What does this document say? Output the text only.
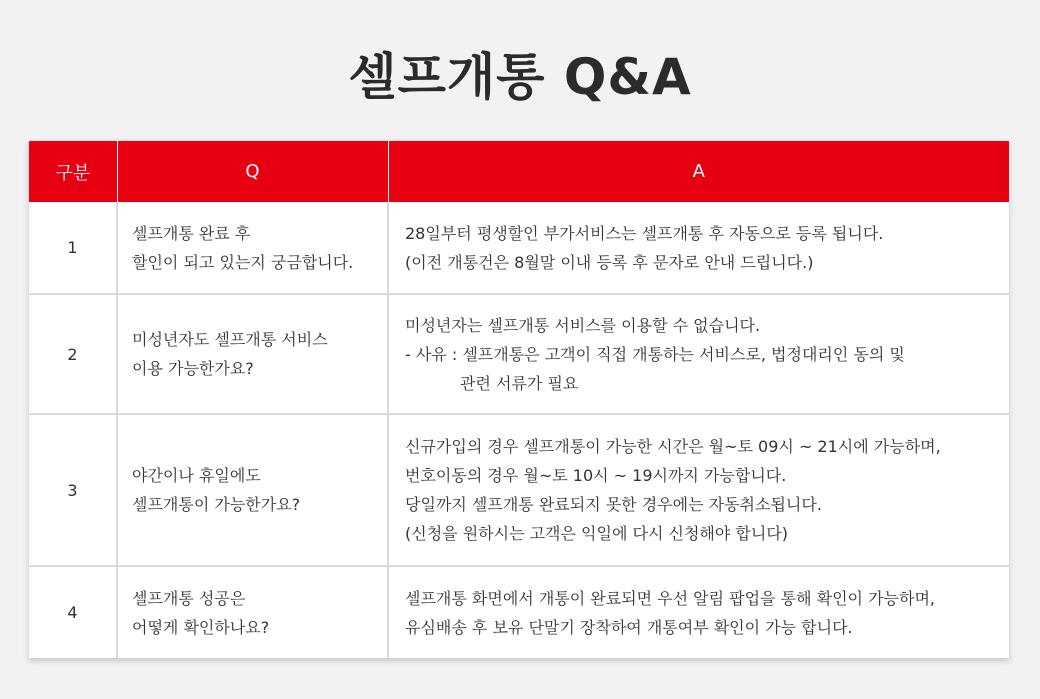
셀프개통 Q&A
구분	Q	A
1	셀프개통 완료 후
할인이 되고 있는지 궁금합니다.	28일부터 평생할인 부가서비스는 셀프개통 후 자동으로 등록 됩니다.
(이전 개통건은 8월말 이내 등록 후 문자로 안내 드립니다.)

2	미성년자도 셀프개통 서비스
이용 가능한가요?	미성년자는 셀프개통 서비스를 이용할 수 없습니다.
- 사유 : 셀프개통은 고객이 직접 개통하는 서비스로, 법정대리인 동의 및
관련 서류가 필요

3	야간이나 휴일에도
셀프개통이 가능한가요?	신규가입의 경우 셀프개통이 가능한 시간은 월~토 09시 ~ 21시에 가능하며,
번호이동의 경우 월~토 10시 ~ 19시까지 가능합니다.
당일까지 셀프개통 완료되지 못한 경우에는 자동취소됩니다.
(신청을 원하시는 고객은 익일에 다시 신청해야 합니다)

4	셀프개통 성공은
어떻게 확인하나요?	셀프개통 화면에서 개통이 완료되면 우선 알림 팝업을 통해 확인이 가능하며,
유심배송 후 보유 단말기 장착하여 개통여부 확인이 가능 합니다.
